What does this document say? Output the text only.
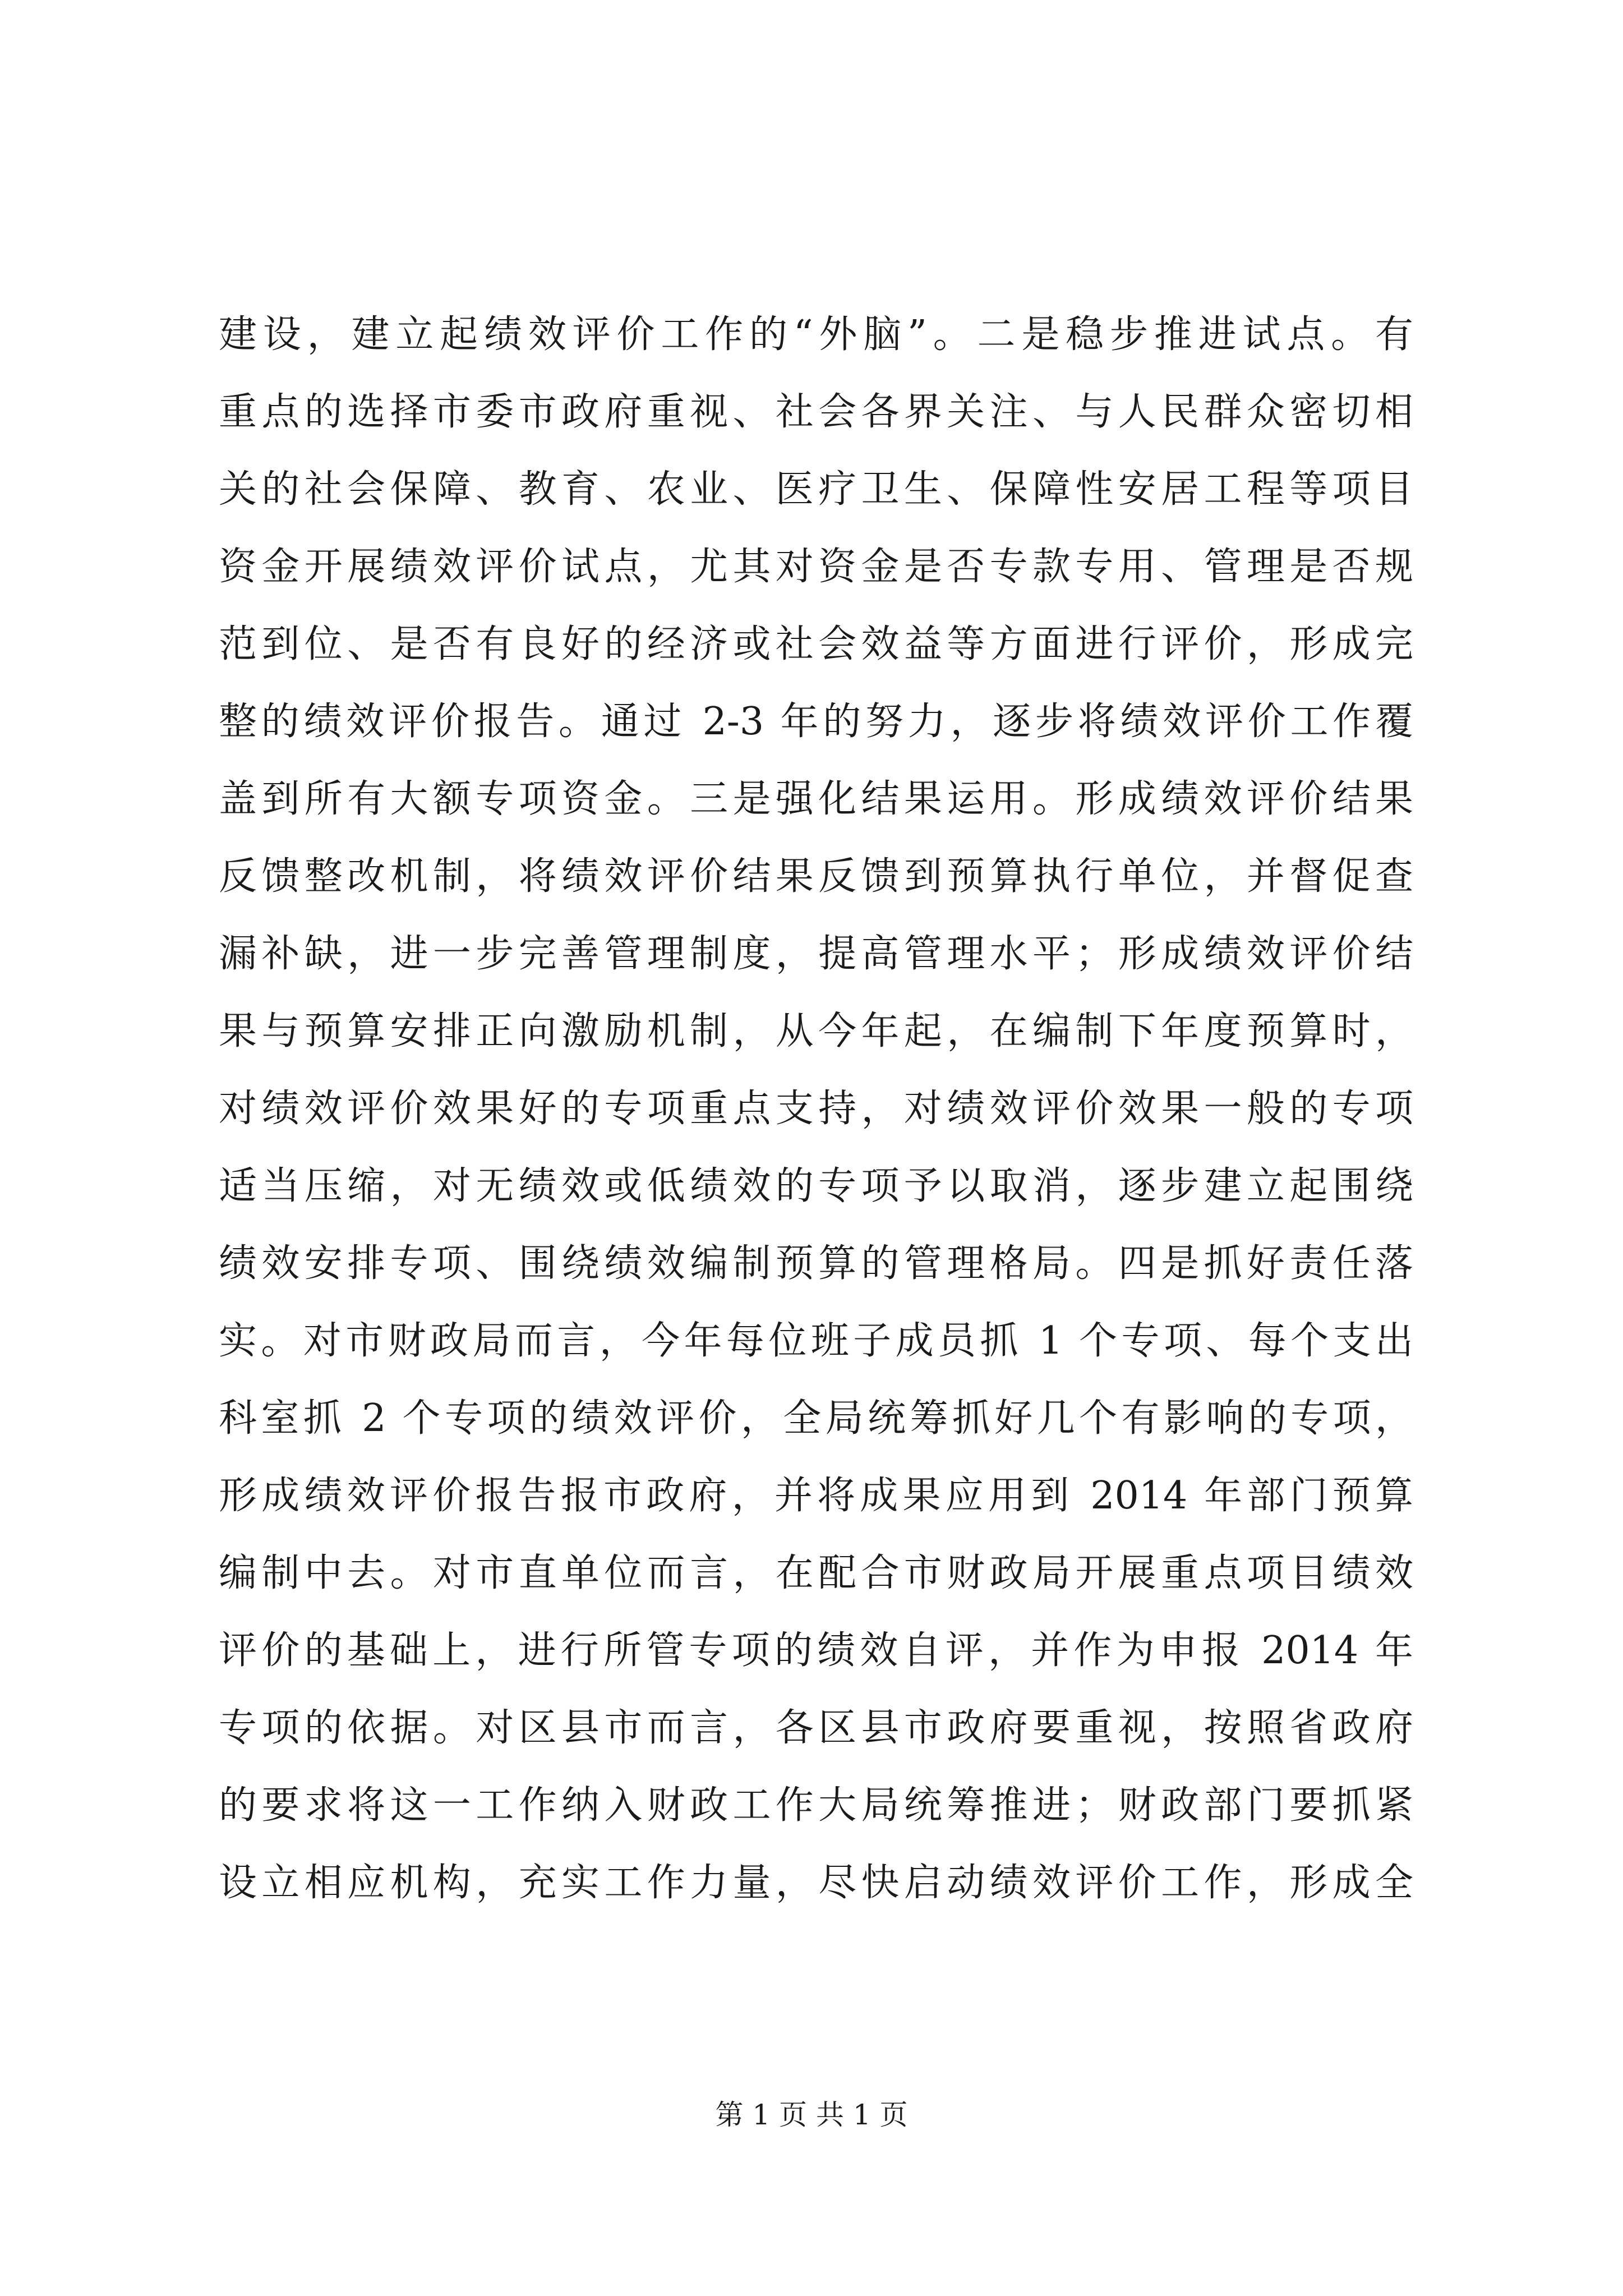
建设，建立起绩效评价工作的“外脑”。二是稳步推进试点。有
重点的选择市委市政府重视、社会各界关注、与人民群众密切相
关的社会保障、教育、农业、医疗卫生、保障性安居工程等项目
资金开展绩效评价试点，尤其对资金是否专款专用、管理是否规
范到位、是否有良好的经济或社会效益等方面进行评价，形成完
整的绩效评价报告。通过 2-3 年的努力，逐步将绩效评价工作覆
盖到所有大额专项资金。三是强化结果运用。形成绩效评价结果
反馈整改机制，将绩效评价结果反馈到预算执行单位，并督促查
漏补缺，进一步完善管理制度，提高管理水平；形成绩效评价结
果与预算安排正向激励机制，从今年起，在编制下年度预算时，
对绩效评价效果好的专项重点支持，对绩效评价效果一般的专项
适当压缩，对无绩效或低绩效的专项予以取消，逐步建立起围绕
绩效安排专项、围绕绩效编制预算的管理格局。四是抓好责任落
实。对市财政局而言，今年每位班子成员抓 1 个专项、每个支出
科室抓 2 个专项的绩效评价，全局统筹抓好几个有影响的专项，
形成绩效评价报告报市政府，并将成果应用到 2014 年部门预算
编制中去。对市直单位而言，在配合市财政局开展重点项目绩效
评价的基础上，进行所管专项的绩效自评，并作为申报 2014 年
专项的依据。对区县市而言，各区县市政府要重视，按照省政府
的要求将这一工作纳入财政工作大局统筹推进；财政部门要抓紧
设立相应机构，充实工作力量，尽快启动绩效评价工作，形成全
第 1 页 共 1 页
